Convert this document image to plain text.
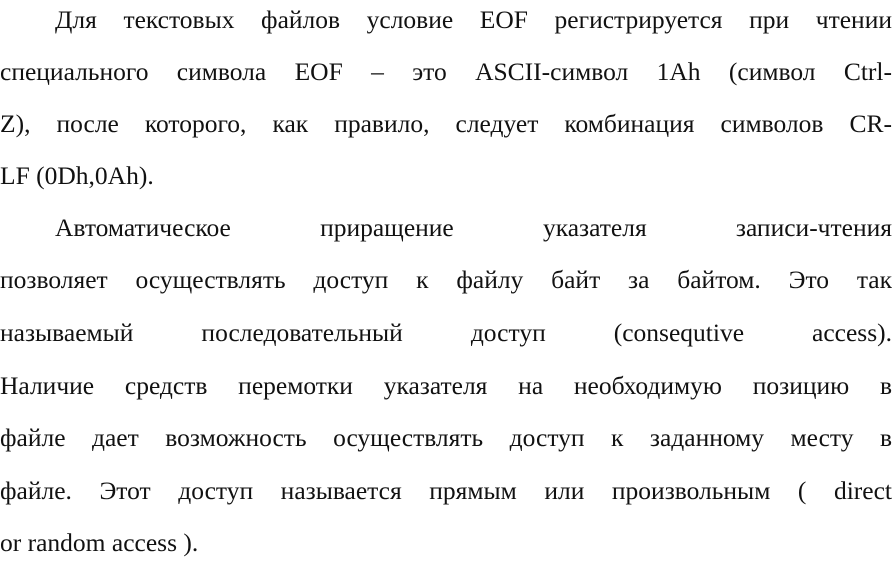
Для текстовых файлов условие EOF регистрируется при чтении
специального символа EOF – это ASCII-символ 1Ah (символ Ctrl-
Z), после которого, как правило, следует комбинация символов CR-
LF (0Dh,0Ah).
Автоматическое приращение указателя записи-чтения
позволяет осуществлять доступ к файлу байт за байтом. Это так
называемый последовательный доступ (consequtive access).
Наличие средств перемотки указателя на необходимую позицию в
файле дает возможность осуществлять доступ к заданному месту в
файле. Этот доступ называется прямым или произвольным ( direct
or random access ).
